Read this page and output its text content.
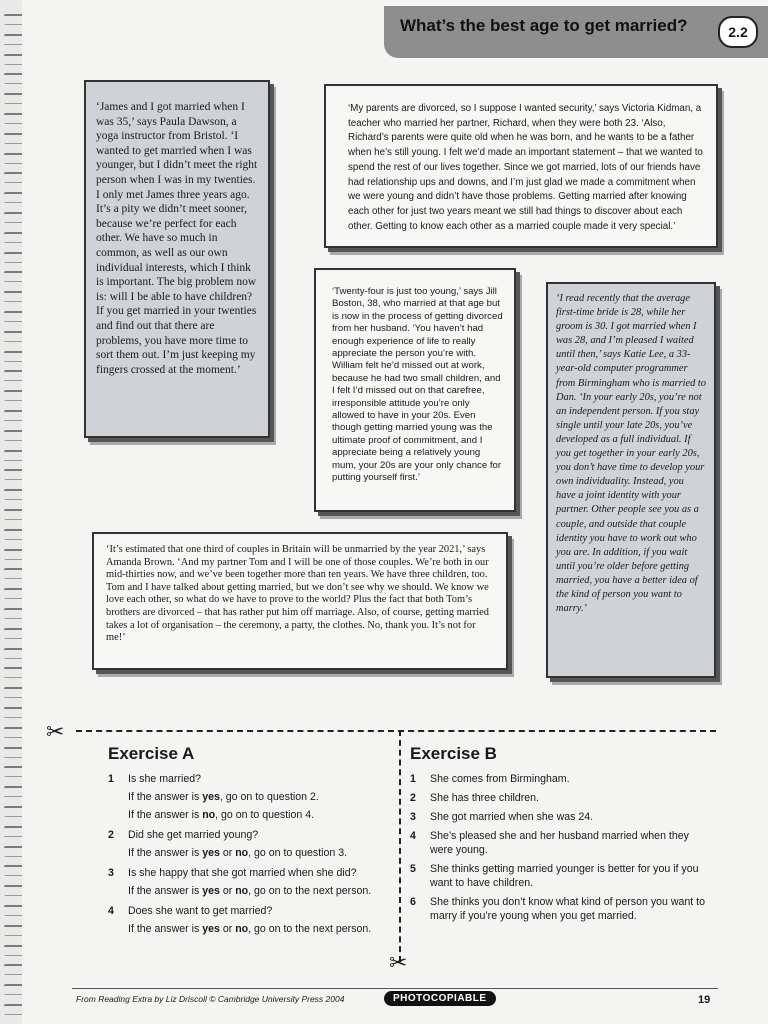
What’s the best age to get married?	2.2

‘James and I got married when I was 35,’ says Paula Dawson, a yoga instructor from Bristol. ‘I wanted to get married when I was younger, but I didn’t meet the right person when I was in my twenties. I only met James three years ago. It’s a pity we didn’t meet sooner, because we’re perfect for each other. We have so much in common, as well as our own individual interests, which I think is important. The big problem now is: will I be able to have children? If you get married in your twenties and find out that there are problems, you have more time to sort them out. I’m just keeping my fingers crossed at the moment.’

‘My parents are divorced, so I suppose I wanted security,’ says Victoria Kidman, a teacher who married her partner, Richard, when they were both 23. ‘Also, Richard’s parents were quite old when he was born, and he wants to be a father when he’s still young. I felt we’d made an important statement – that we wanted to spend the rest of our lives together. Since we got married, lots of our friends have had relationship ups and downs, and I’m just glad we made a commitment when we were young and didn’t have those problems. Getting married after knowing each other for just two years meant we still had things to discover about each other. Getting to know each other as a married couple made it very special.’

‘Twenty-four is just too young,’ says Jill Boston, 38, who married at that age but is now in the process of getting divorced from her husband. ‘You haven’t had enough experience of life to really appreciate the person you’re with. William felt he’d missed out at work, because he had two small children, and I felt I’d missed out on that carefree, irresponsible attitude you’re only allowed to have in your 20s. Even though getting married young was the ultimate proof of commitment, and I appreciate being a relatively young mum, your 20s are your only chance for putting yourself first.’

‘I read recently that the average first-time bride is 28, while her groom is 30. I got married when I was 28, and I’m pleased I waited until then,’ says Katie Lee, a 33-year-old computer programmer from Birmingham who is married to Dan. ‘In your early 20s, you’re not an independent person. If you stay single until your late 20s, you’ve developed as a full individual. If you get together in your early 20s, you don’t have time to develop your own individuality. Instead, you have a joint identity with your partner. Other people see you as a couple, and outside that couple identity you have to work out who you are. In addition, if you wait until you’re older before getting married, you have a better idea of the kind of person you want to marry.’

‘It’s estimated that one third of couples in Britain will be unmarried by the year 2021,’ says Amanda Brown. ‘And my partner Tom and I will be one of those couples. We’re both in our mid-thirties now, and we’ve been together more than ten years. We have three children, too. Tom and I have talked about getting married, but we don’t see why we should. We know we love each other, so what do we have to prove to the world? Plus the fact that both Tom’s brothers are divorced – that has rather put him off marriage. Also, of course, getting married takes a lot of organisation – the ceremony, a party, the clothes. No, thank you. It’s not for me!’

✂
✂
Exercise A
1 Is she married?
If the answer is yes, go on to question 2.
If the answer is no, go on to question 4.
2 Did she get married young?
If the answer is yes or no, go on to question 3.
3 Is she happy that she got married when she did?
If the answer is yes or no, go on to the next person.
4 Does she want to get married?
If the answer is yes or no, go on to the next person.
Exercise B
1 She comes from Birmingham.
2 She has three children.
3 She got married when she was 24.
4 She’s pleased she and her husband married when they were young.
5 She thinks getting married younger is better for you if you want to have children.
6 She thinks you don’t know what kind of person you want to marry if you’re young when you get married.
From Reading Extra by Liz Driscoll © Cambridge University Press 2004	PHOTOCOPIABLE	19
